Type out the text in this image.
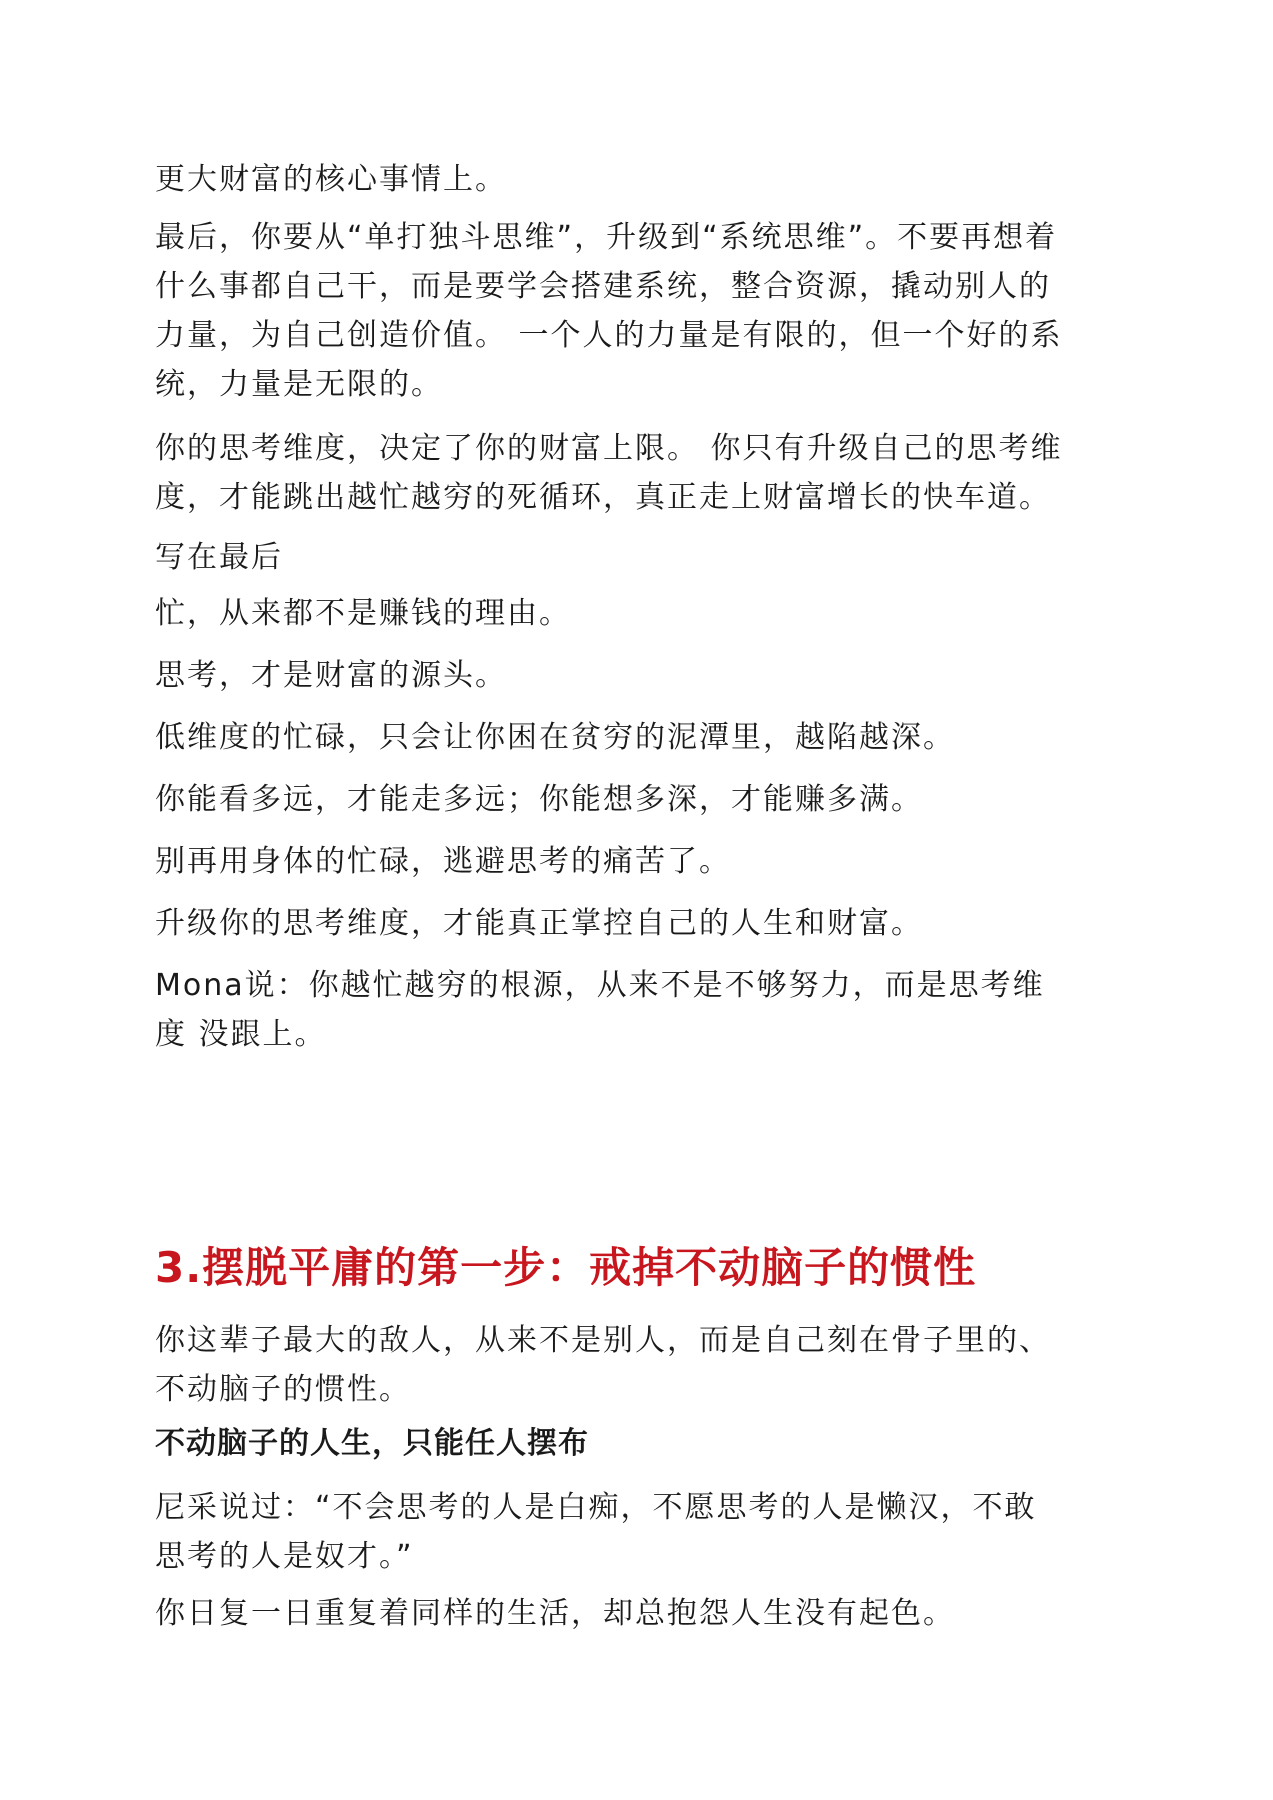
更大财富的核心事情上。

最后，你要从“单打独斗思维”，升级到“系统思维”。不要再想着
什么事都自己干，而是要学会搭建系统，整合资源，撬动别人的
力量，为自己创造价值。 一个人的力量是有限的，但一个好的系
统，力量是无限的。

你的思考维度，决定了你的财富上限。 你只有升级自己的思考维
度，才能跳出越忙越穷的死循环，真正走上财富增长的快车道。

写在最后

忙，从来都不是赚钱的理由。

思考，才是财富的源头。

低维度的忙碌，只会让你困在贫穷的泥潭里，越陷越深。

你能看多远，才能走多远；你能想多深，才能赚多满。

别再用身体的忙碌，逃避思考的痛苦了。

升级你的思考维度，才能真正掌控自己的人生和财富。

Mona说：你越忙越穷的根源，从来不是不够努力，而是思考维
度 没跟上。

3.摆脱平庸的第一步：戒掉不动脑子的惯性

你这辈子最大的敌人，从来不是别人，而是自己刻在骨子里的、
不动脑子的惯性。

不动脑子的人生，只能任人摆布

尼采说过：“不会思考的人是白痴，不愿思考的人是懒汉，不敢
思考的人是奴才。”

你日复一日重复着同样的生活，却总抱怨人生没有起色。
